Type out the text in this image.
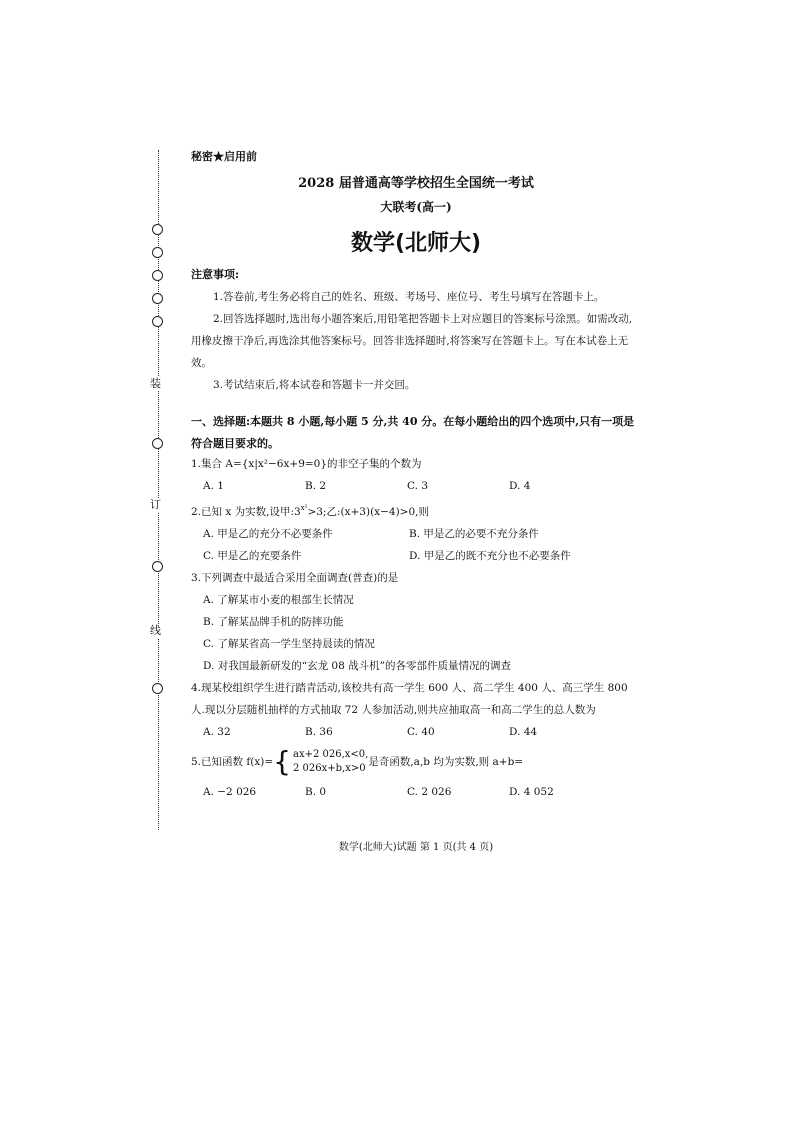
装
订
线
秘密★启用前
2028 届普通高等学校招生全国统一考试
大联考(高一)
数学(北师大)
注意事项:

1.答卷前,考生务必将自己的姓名、班级、考场号、座位号、考生号填写在答题卡上。

2.回答选择题时,选出每小题答案后,用铅笔把答题卡上对应题目的答案标号涂黑。如需改动,用橡皮擦干净后,再选涂其他答案标号。回答非选择题时,将答案写在答题卡上。写在本试卷上无效。

3.考试结束后,将本试卷和答题卡一并交回。

一、选择题:本题共 8 小题,每小题 5 分,共 40 分。在每小题给出的四个选项中,只有一项是符合题目要求的。

1.集合 A={x|x²−6x+9=0}的非空子集的个数为

A. 1	B. 2	C. 3	D. 4

2.已知 x 为实数,设甲$:3^{x^2}>3$;乙:(x+3)(x−4)>0,则

A. 甲是乙的充分不必要条件	B. 甲是乙的必要不充分条件
C. 甲是乙的充要条件	D. 甲是乙的既不充分也不必要条件

3.下列调查中最适合采用全面调查(普查)的是

A. 了解某市小麦的根部生长情况
B. 了解某品牌手机的防摔功能
C. 了解某省高一学生坚持晨读的情况
D. 对我国最新研发的“玄龙 08 战斗机”的各零部件质量情况的调查

4.现某校组织学生进行踏青活动,该校共有高一学生 600 人、高二学生 400 人、高三学生 800 人.现以分层随机抽样的方式抽取 72 人参加活动,则共应抽取高一和高二学生的总人数为

A. 32	B. 36	C. 40	D. 44
5.已知函数 f(x)= { ax+2 026,x<0,
2 026x+b,x>0
是奇函数,a,b 均为实数,则 a+b=
A. −2 026	B. 0	C. 2 026	D. 4 052
数学(北师大)试题 第 1 页(共 4 页)
